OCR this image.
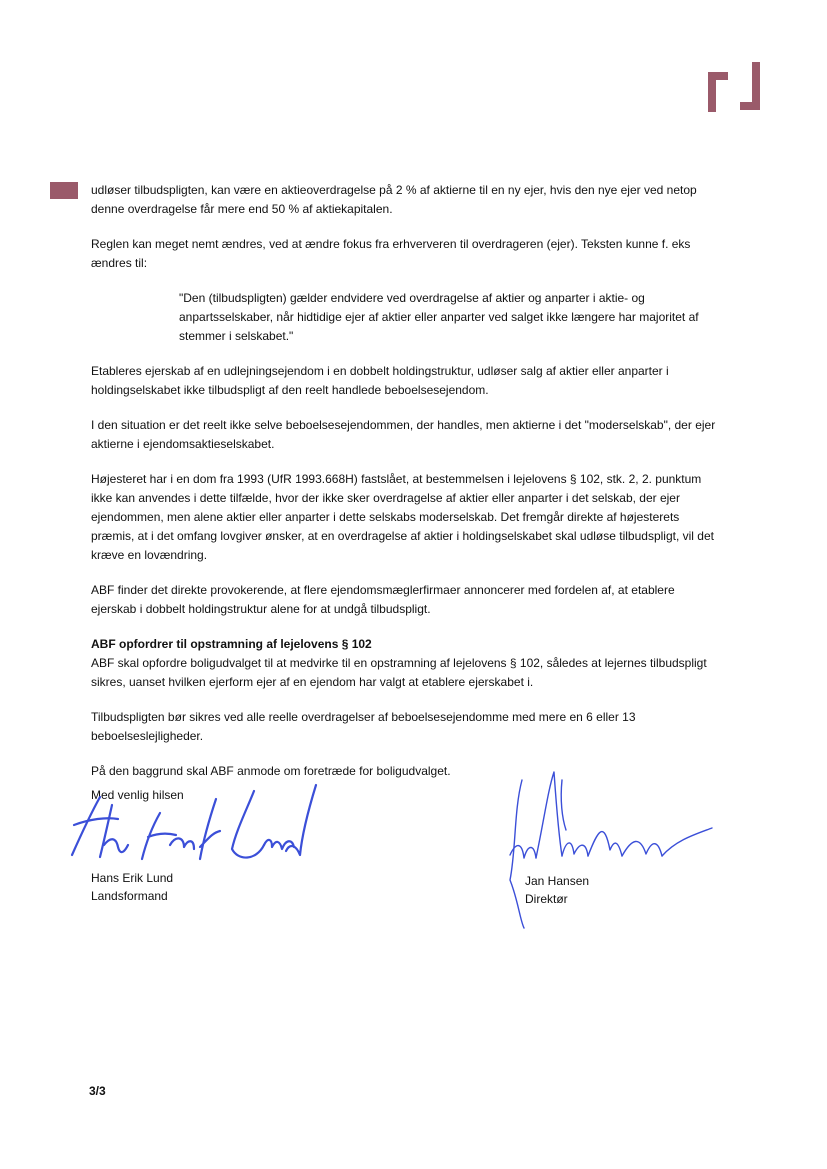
udløser tilbudspligten, kan være en aktieoverdragelse på 2 % af aktierne til en ny ejer, hvis den nye ejer ved netop denne overdragelse får mere end 50 % af aktiekapitalen.

Reglen kan meget nemt ændres, ved at ændre fokus fra erhververen til overdrageren (ejer). Teksten kunne f. eks ændres til:

"Den (tilbudspligten) gælder endvidere ved overdragelse af aktier og anparter i aktie- og anpartsselskaber, når hidtidige ejer af aktier eller anparter ved salget ikke længere har majoritet af stemmer i selskabet."

Etableres ejerskab af en udlejningsejendom i en dobbelt holdingstruktur, udløser salg af aktier eller anparter i holdingselskabet ikke tilbudspligt af den reelt handlede beboelsesejendom.

I den situation er det reelt ikke selve beboelsesejendommen, der handles, men aktierne i det "moderselskab", der ejer aktierne i ejendomsaktieselskabet.

Højesteret har i en dom fra 1993 (UfR 1993.668H) fastslået, at bestemmelsen i lejelovens § 102, stk. 2, 2. punktum ikke kan anvendes i dette tilfælde, hvor der ikke sker overdragelse af aktier eller anparter i det selskab, der ejer ejendommen, men alene aktier eller anparter i dette selskabs moderselskab. Det fremgår direkte af højesterets præmis, at i det omfang lovgiver ønsker, at en overdragelse af aktier i holdingselskabet skal udløse tilbudspligt, vil det kræve en lovændring.

ABF finder det direkte provokerende, at flere ejendomsmæglerfirmaer annoncerer med fordelen af, at etablere ejerskab i dobbelt holdingstruktur alene for at undgå tilbudspligt.

ABF opfordrer til opstramning af lejelovens § 102

ABF skal opfordre boligudvalget til at medvirke til en opstramning af lejelovens § 102, således at lejernes tilbudspligt sikres, uanset hvilken ejerform ejer af en ejendom har valgt at etablere ejerskabet i.

Tilbudspligten bør sikres ved alle reelle overdragelser af beboelsesejendomme med mere en 6 eller 13 beboelseslejligheder.

På den baggrund skal ABF anmode om foretræde for boligudvalget.

Med venlig hilsen
Hans Erik Lund
Landsformand
Jan Hansen
Direktør
3/3
